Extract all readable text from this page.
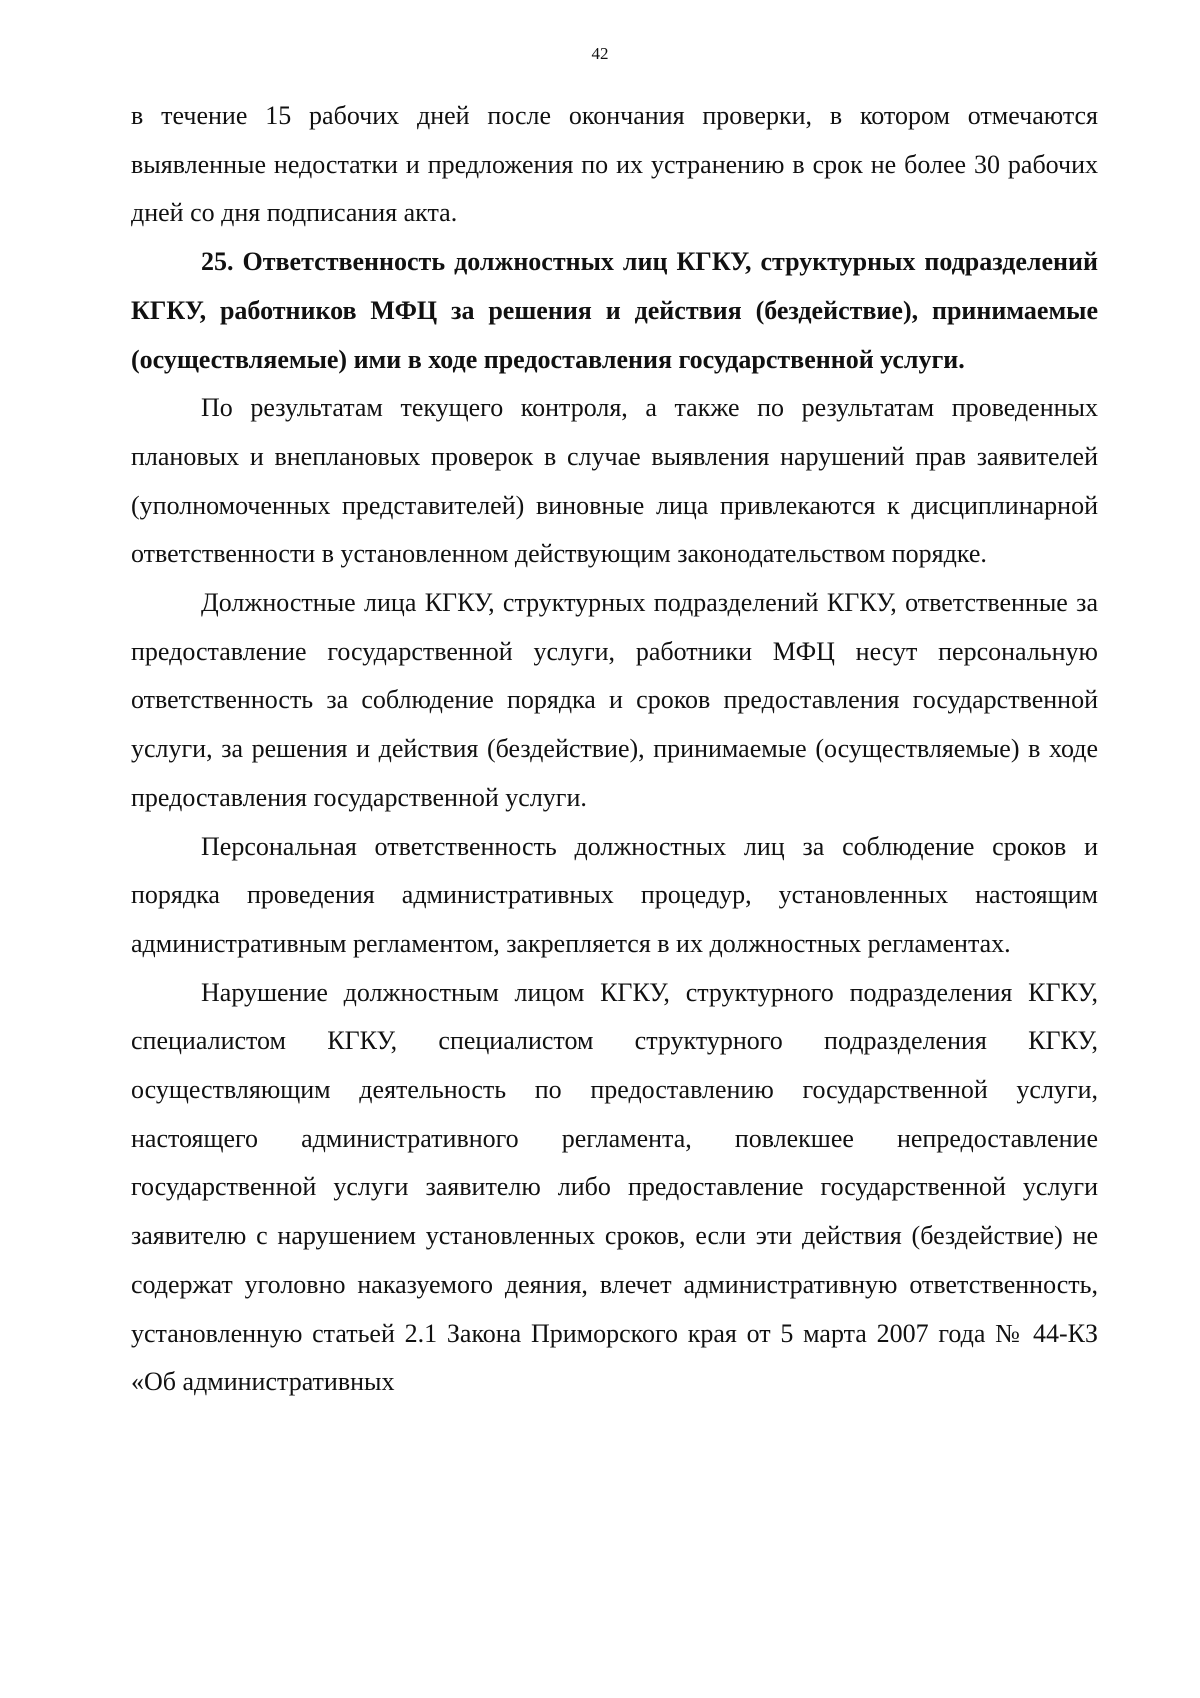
42

в течение 15 рабочих дней после окончания проверки, в котором отмечаются выявленные недостатки и предложения по их устранению в срок не более 30 рабочих дней со дня подписания акта.

25. Ответственность должностных лиц КГКУ, структурных подразделений КГКУ, работников МФЦ за решения и действия (бездействие), принимаемые (осуществляемые) ими в ходе предоставления государственной услуги.

По результатам текущего контроля, а также по результатам проведенных плановых и внеплановых проверок в случае выявления нарушений прав заявителей (уполномоченных представителей) виновные лица привлекаются к дисциплинарной ответственности в установленном действующим законодательством порядке.

Должностные лица КГКУ, структурных подразделений КГКУ, ответственные за предоставление государственной услуги, работники МФЦ несут персональную ответственность за соблюдение порядка и сроков предоставления государственной услуги, за решения и действия (бездействие), принимаемые (осуществляемые) в ходе предоставления государственной услуги.

Персональная ответственность должностных лиц за соблюдение сроков и порядка проведения административных процедур, установленных настоящим административным регламентом, закрепляется в их должностных регламентах.

Нарушение должностным лицом КГКУ, структурного подразделения КГКУ, специалистом КГКУ, специалистом структурного подразделения КГКУ, осуществляющим деятельность по предоставлению государственной услуги, настоящего административного регламента, повлекшее непредоставление государственной услуги заявителю либо предоставление государственной услуги заявителю с нарушением установленных сроков, если эти действия (бездействие) не содержат уголовно наказуемого деяния, влечет административную ответственность, установленную статьей 2.1 Закона Приморского края от 5 марта 2007 года № 44-КЗ «Об административных
